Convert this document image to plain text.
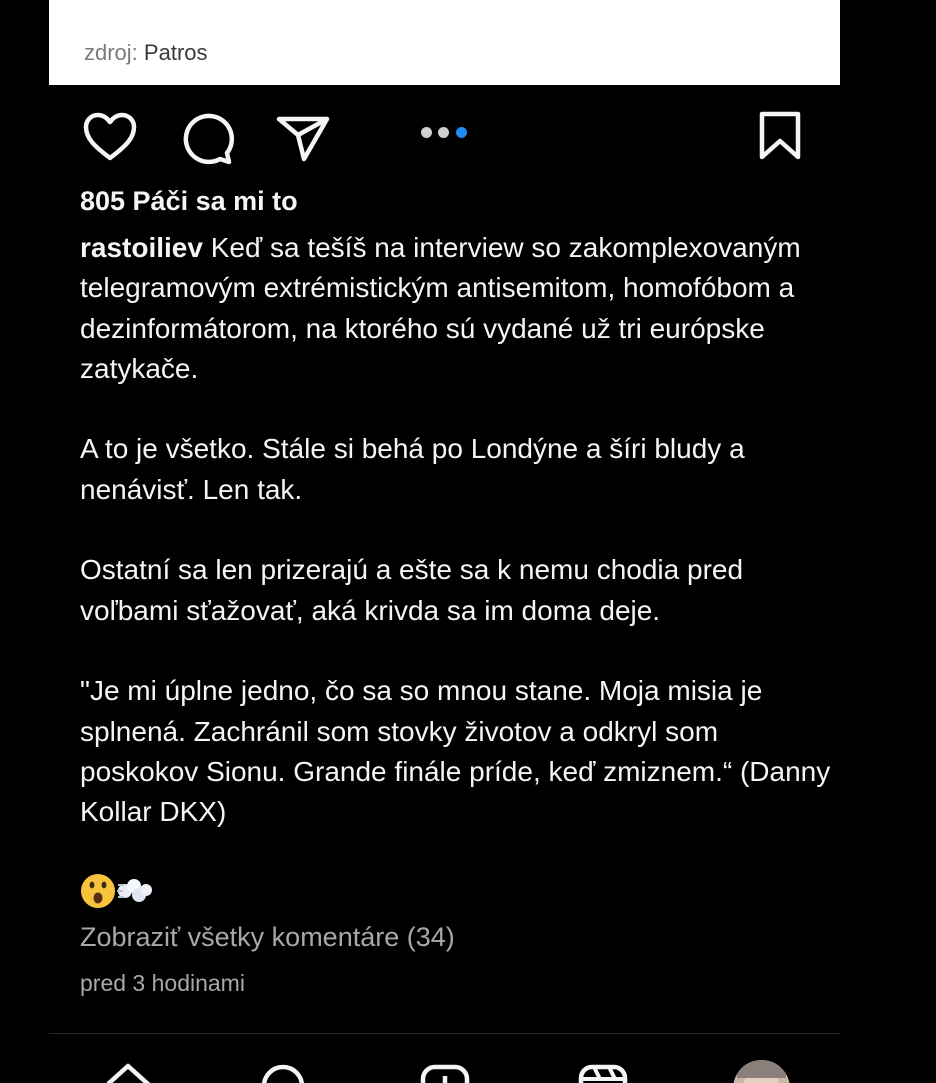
zdroj: Patros
805 Páči sa mi to

rastoiliev Keď sa tešíš na interview so zakomplexovaným telegramovým extrémistickým antisemitom, homofóbom a dezinformátorom, na ktorého sú vydané už tri európske zatykače.

A to je všetko. Stále si behá po Londýne a šíri bludy a nenávisť. Len tak.

Ostatní sa len prizerajú a ešte sa k nemu chodia pred voľbami sťažovať, aká krivda sa im doma deje.

"Je mi úplne jedno, čo sa so mnou stane. Moja misia je splnená. Zachránil som stovky životov a odkryl som poskokov Sionu. Grande finále príde, keď zmiznem.“ (Danny Kollar DKX)

Zobraziť všetky komentáre (34)
pred 3 hodinami
